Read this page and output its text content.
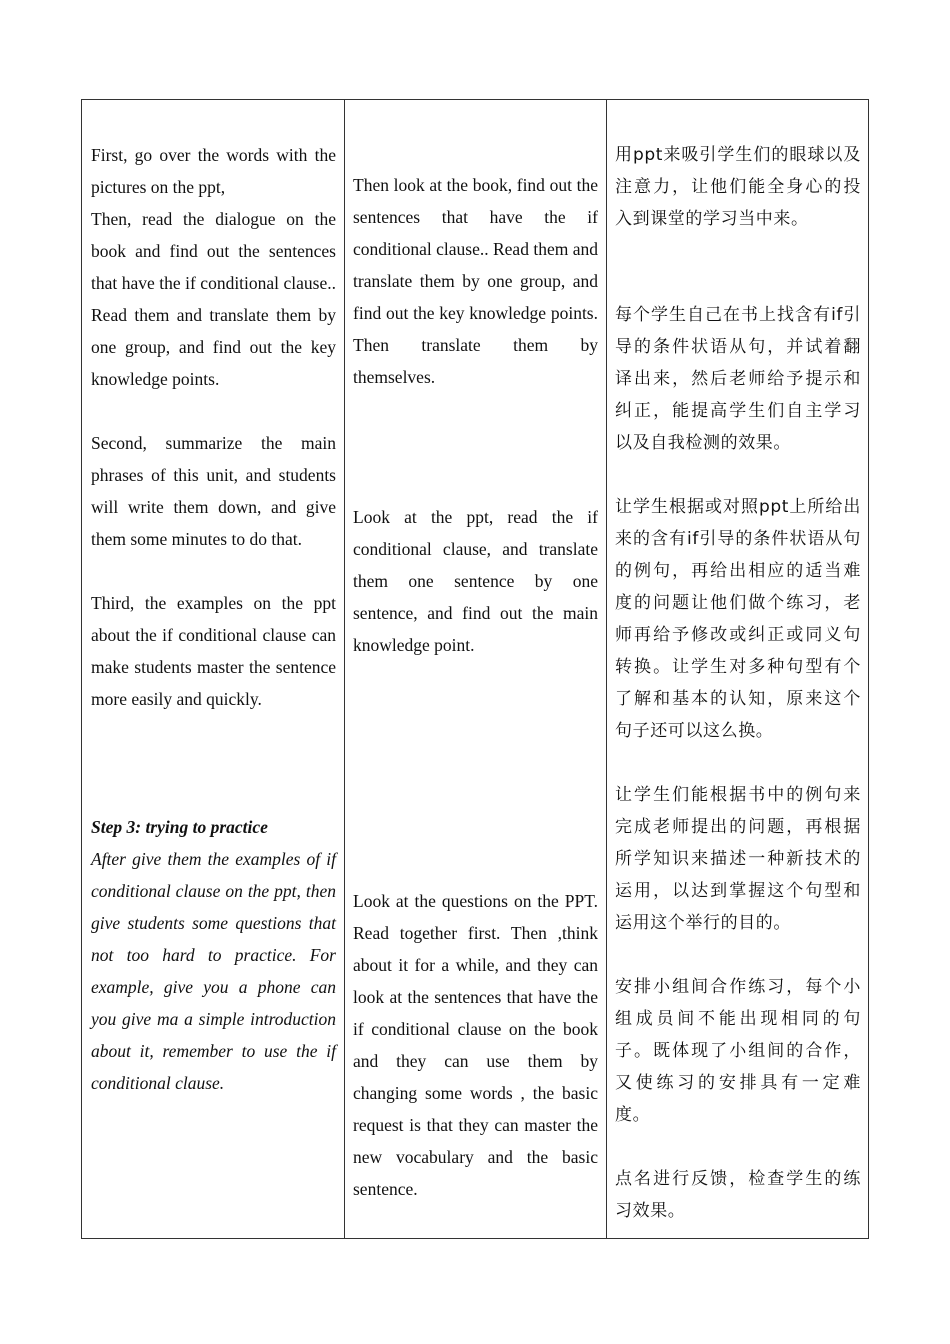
First, go over the words with the pictures on the ppt,

Then, read the dialogue on the book and find out the sentences that have the if conditional clause.. Read them and translate them by one group, and find out the key knowledge points.

Second, summarize the main phrases of this unit, and students will write them down, and give them some minutes to do that.

Third, the examples on the ppt about the if conditional clause can make students master the sentence more easily and quickly.

Step 3: trying to practice

After give them the examples of if conditional clause on the ppt, then give students some questions that not too hard to practice. For example, give you a phone can you give ma a simple introduction about it, remember to use the if conditional clause.

Then look at the book, find out the sentences that have the if conditional clause.. Read them and translate them by one group, and find out the key knowledge points. Then translate them by themselves.

Look at the ppt, read the if conditional clause, and translate them one sentence by one sentence, and find out the main knowledge point.

Look at the questions on the PPT. Read together first. Then ,think about it for a while, and they can look at the sentences that have the if conditional clause on the book and they can use them by changing some words , the basic request is that they can master the new vocabulary and the basic sentence.

用ppt来吸引学生们的眼球以及注意力，让他们能全身心的投入到课堂的学习当中来。

每个学生自己在书上找含有if引导的条件状语从句，并试着翻译出来，然后老师给予提示和纠正，能提高学生们自主学习以及自我检测的效果。

让学生根据或对照ppt上所给出来的含有if引导的条件状语从句的例句，再给出相应的适当难度的问题让他们做个练习，老师再给予修改或纠正或同义句转换。让学生对多种句型有个了解和基本的认知，原来这个句子还可以这么换。

让学生们能根据书中的例句来完成老师提出的问题，再根据所学知识来描述一种新技术的运用，以达到掌握这个句型和运用这个举行的目的。

安排小组间合作练习，每个小组成员间不能出现相同的句子。既体现了小组间的合作，又使练习的安排具有一定难度。

点名进行反馈，检查学生的练习效果。
